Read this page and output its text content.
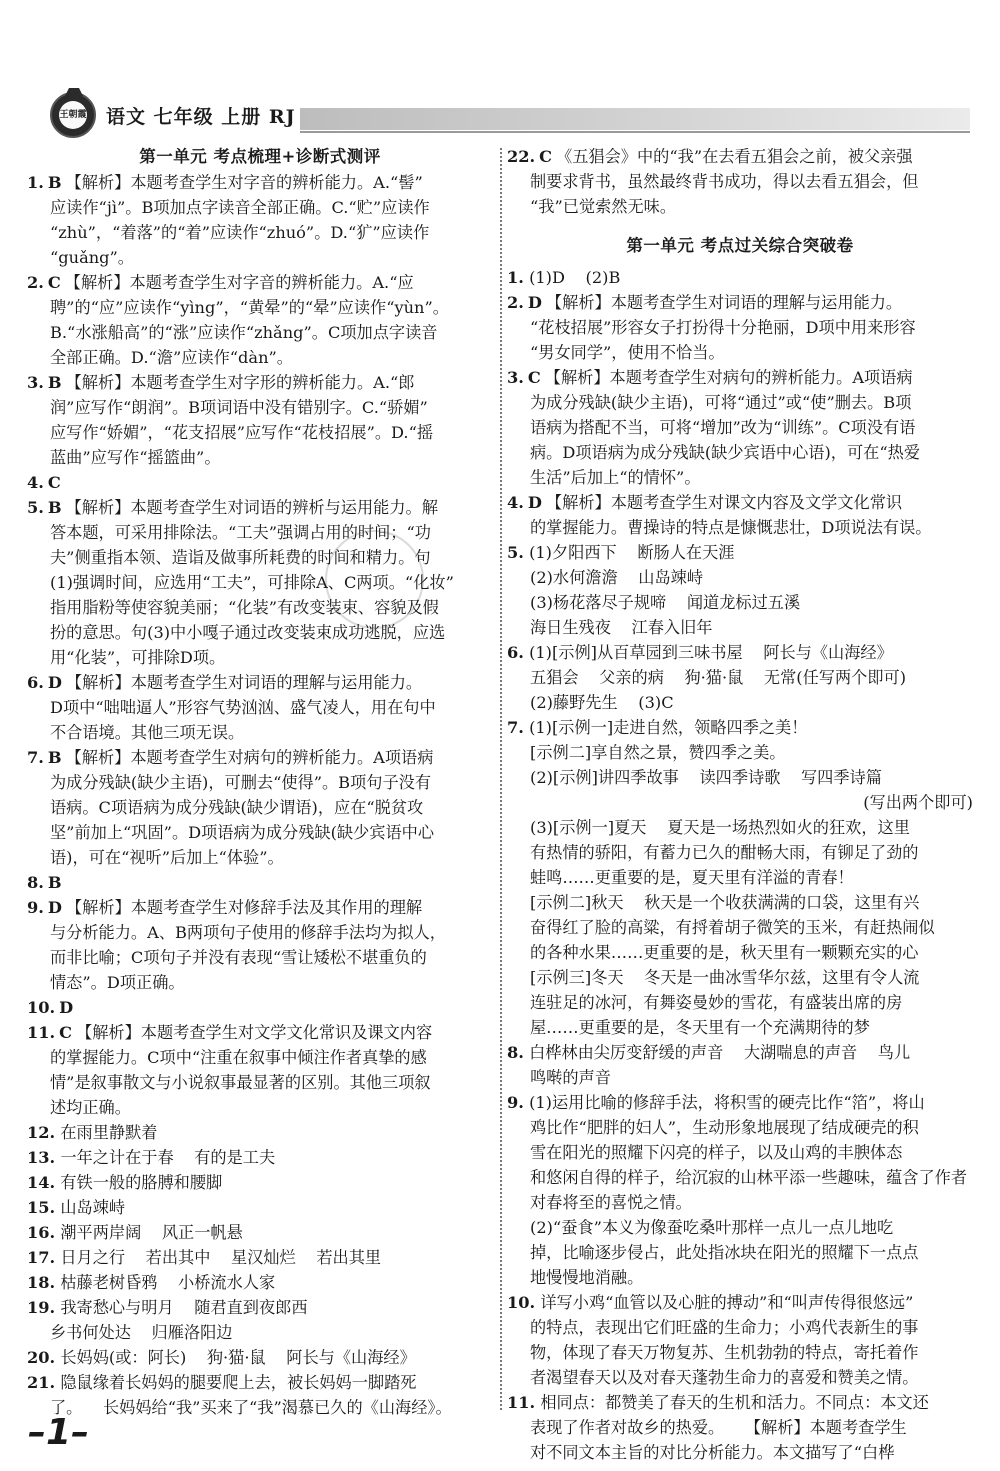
王朝霞 语文 七年级 上册 RJ
第一单元 考点梳理+诊断式测评
1. B 【解析】本题考查学生对字音的辨析能力。A.“髻”
应读作“jì”。B项加点字读音全部正确。C.“贮”应读作
“zhù”，“着落”的“着”应读作“zhuó”。D.“犷”应读作
“guǎng”。
2. C 【解析】本题考查学生对字音的辨析能力。A.“应
聘”的“应”应读作“yìng”，“黄晕”的“晕”应读作“yùn”。
B.“水涨船高”的“涨”应读作“zhǎng”。C项加点字读音
全部正确。D.“澹”应读作“dàn”。
3. B 【解析】本题考查学生对字形的辨析能力。A.“郎
润”应写作“朗润”。B项词语中没有错别字。C.“骄媚”
应写作“娇媚”，“花支招展”应写作“花枝招展”。D.“摇
蓝曲”应写作“摇篮曲”。
4. C
5. B 【解析】本题考查学生对词语的辨析与运用能力。解
答本题，可采用排除法。“工夫”强调占用的时间；“功
夫”侧重指本领、造诣及做事所耗费的时间和精力。句
(1)强调时间，应选用“工夫”，可排除A、C两项。“化妆”
指用脂粉等使容貌美丽；“化装”有改变装束、容貌及假
扮的意思。句(3)中小嘎子通过改变装束成功逃脱，应选
用“化装”，可排除D项。
6. D 【解析】本题考查学生对词语的理解与运用能力。
D项中“咄咄逼人”形容气势汹汹、盛气凌人，用在句中
不合语境。其他三项无误。
7. B 【解析】本题考查学生对病句的辨析能力。A项语病
为成分残缺(缺少主语)，可删去“使得”。B项句子没有
语病。C项语病为成分残缺(缺少谓语)，应在“脱贫攻
坚”前加上“巩固”。D项语病为成分残缺(缺少宾语中心
语)，可在“视听”后加上“体验”。
8. B
9. D 【解析】本题考查学生对修辞手法及其作用的理解
与分析能力。A、B两项句子使用的修辞手法均为拟人，
而非比喻；C项句子并没有表现“雪让矮松不堪重负的
情态”。D项正确。
10. D
11. C 【解析】本题考查学生对文学文化常识及课文内容
的掌握能力。C项中“注重在叙事中倾注作者真挚的感
情”是叙事散文与小说叙事最显著的区别。其他三项叙
述均正确。
12. 在雨里静默着
13. 一年之计在于春    有的是工夫
14. 有铁一般的胳膊和腰脚
15. 山岛竦峙
16. 潮平两岸阔    风正一帆悬
17. 日月之行    若出其中    星汉灿烂    若出其里
18. 枯藤老树昏鸦    小桥流水人家
19. 我寄愁心与明月    随君直到夜郎西
乡书何处达    归雁洛阳边
20. 长妈妈(或：阿长)    狗·猫·鼠    阿长与《山海经》
21. 隐鼠缘着长妈妈的腿要爬上去，被长妈妈一脚踏死
了。    长妈妈给“我”买来了“我”渴慕已久的《山海经》。
22. C 《五猖会》中的“我”在去看五猖会之前，被父亲强
制要求背书，虽然最终背书成功，得以去看五猖会，但
“我”已觉索然无味。
第一单元 考点过关综合突破卷
1. (1)D    (2)B
2. D 【解析】本题考查学生对词语的理解与运用能力。
“花枝招展”形容女子打扮得十分艳丽，D项中用来形容
“男女同学”，使用不恰当。
3. C 【解析】本题考查学生对病句的辨析能力。A项语病
为成分残缺(缺少主语)，可将“通过”或“使”删去。B项
语病为搭配不当，可将“增加”改为“训练”。C项没有语
病。D项语病为成分残缺(缺少宾语中心语)，可在“热爱
生活”后加上“的情怀”。
4. D 【解析】本题考查学生对课文内容及文学文化常识
的掌握能力。曹操诗的特点是慷慨悲壮，D项说法有误。
5. (1)夕阳西下    断肠人在天涯
(2)水何澹澹    山岛竦峙
(3)杨花落尽子规啼    闻道龙标过五溪
海日生残夜    江春入旧年
6. (1)[示例]从百草园到三味书屋    阿长与《山海经》
五猖会    父亲的病    狗·猫·鼠    无常(任写两个即可)
(2)藤野先生    (3)C
7. (1)[示例一]走进自然，领略四季之美！
[示例二]享自然之景，赞四季之美。
(2)[示例]讲四季故事    读四季诗歌    写四季诗篇
(写出两个即可)
(3)[示例一]夏天    夏天是一场热烈如火的狂欢，这里
有热情的骄阳，有蓄力已久的酣畅大雨，有铆足了劲的
蛙鸣……更重要的是，夏天里有洋溢的青春！
[示例二]秋天    秋天是一个收获满满的口袋，这里有兴
奋得红了脸的高粱，有捋着胡子微笑的玉米，有赶热闹似
的各种水果……更重要的是，秋天里有一颗颗充实的心
[示例三]冬天    冬天是一曲冰雪华尔兹，这里有令人流
连驻足的冰河，有舞姿曼妙的雪花，有盛装出席的房
屋……更重要的是，冬天里有一个充满期待的梦
8. 白桦林由尖厉变舒缓的声音    大湖喘息的声音    鸟儿
鸣啭的声音
9. (1)运用比喻的修辞手法，将积雪的硬壳比作“箔”，将山
鸡比作“肥胖的妇人”，生动形象地展现了结成硬壳的积
雪在阳光的照耀下闪亮的样子，以及山鸡的丰腴体态
和悠闲自得的样子，给沉寂的山林平添一些趣味，蕴含了作者
对春将至的喜悦之情。
(2)“蚕食”本义为像蚕吃桑叶那样一点儿一点儿地吃
掉，比喻逐步侵占，此处指冰块在阳光的照耀下一点点
地慢慢地消融。
10. 详写小鸡“血管以及心脏的搏动”和“叫声传得很悠远”
的特点，表现出它们旺盛的生命力；小鸡代表新生的事
物，体现了春天万物复苏、生机勃勃的特点，寄托着作
者渴望春天以及对春天蓬勃生命力的喜爱和赞美之情。
11. 相同点：都赞美了春天的生机和活力。不同点：本文还
表现了作者对故乡的热爱。    【解析】本题考查学生
对不同文本主旨的对比分析能力。本文描写了“白桦
–1–
